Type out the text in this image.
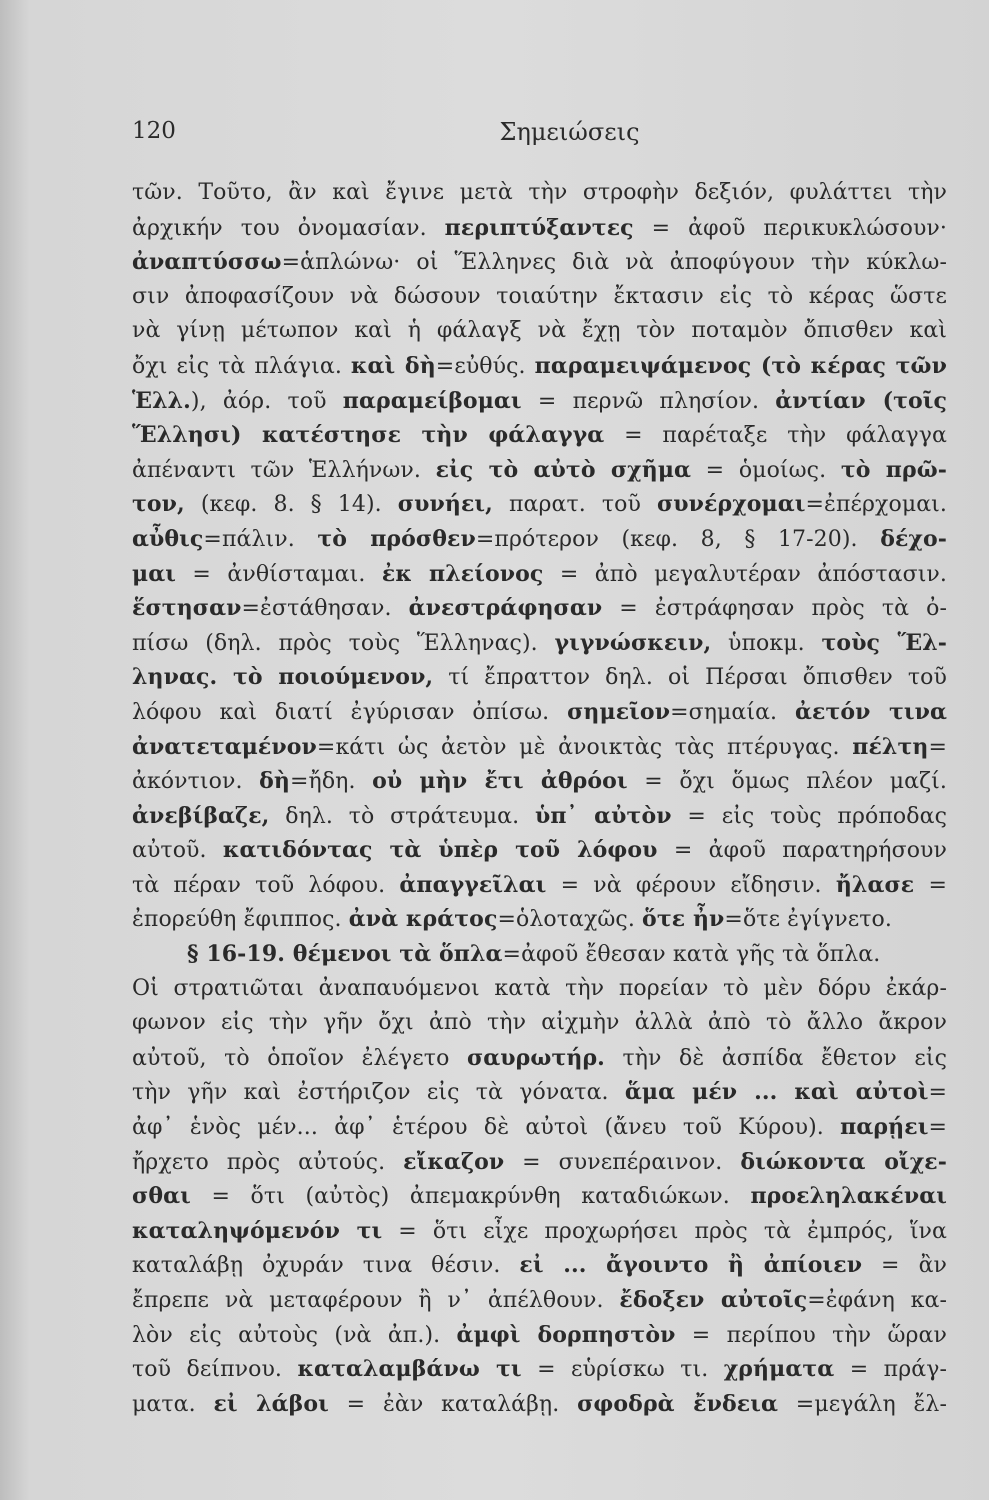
120	Σημειώσεις
τῶν. Τοῦτο, ἂν καὶ ἔγινε μετὰ τὴν στροφὴν δεξιόν, φυλάττει τὴν
ἀρχικήν του ὀνομασίαν. περιπτύξαντες = ἀφοῦ περικυκλώσουν·
ἀναπτύσσω=ἁπλώνω· οἱ Ἕλληνες διὰ νὰ ἀποφύγουν τὴν κύκλω-
σιν ἀποφασίζουν νὰ δώσουν τοιαύτην ἔκτασιν εἰς τὸ κέρας ὥστε
νὰ γίνῃ μέτωπον καὶ ἡ φάλαγξ νὰ ἔχῃ τὸν ποταμὸν ὄπισθεν καὶ
ὄχι εἰς τὰ πλάγια. καὶ δὴ=εὐθύς. παραμειψάμενος (τὸ κέρας τῶν
Ἑλλ.), ἀόρ. τοῦ παραμείβομαι = περνῶ πλησίον. ἀντίαν (τοῖς
Ἕλλησι) κατέστησε τὴν φάλαγγα = παρέταξε τὴν φάλαγγα
ἀπέναντι τῶν Ἑλλήνων. εἰς τὸ αὐτὸ σχῆμα = ὁμοίως. τὸ πρῶ-
τον, (κεφ. 8. § 14). συνήει, παρατ. τοῦ συνέρχομαι=ἐπέρχομαι.
αὖθις=πάλιν. τὸ πρόσθεν=πρότερον (κεφ. 8, § 17-20). δέχο-
μαι = ἀνθίσταμαι. ἐκ πλείονος = ἀπὸ μεγαλυτέραν ἀπόστασιν.
ἕστησαν=ἐστάθησαν. ἀνεστράφησαν = ἐστράφησαν πρὸς τὰ ὀ-
πίσω (δηλ. πρὸς τοὺς Ἕλληνας). γιγνώσκειν, ὑποκμ. τοὺς Ἕλ-
ληνας. τὸ ποιούμενον, τί ἔπραττον δηλ. οἱ Πέρσαι ὄπισθεν τοῦ
λόφου καὶ διατί ἐγύρισαν ὀπίσω. σημεῖον=σημαία. ἀετόν τινα
ἀνατεταμένον=κάτι ὡς ἀετὸν μὲ ἀνοικτὰς τὰς πτέρυγας. πέλτη=
ἀκόντιον. δὴ=ἤδη. οὐ μὴν ἔτι ἀθρόοι = ὄχι ὅμως πλέον μαζί.
ἀνεβίβαζε, δηλ. τὸ στράτευμα. ὑπ᾿ αὐτὸν = εἰς τοὺς πρόποδας
αὐτοῦ. κατιδόντας τὰ ὑπὲρ τοῦ λόφου = ἀφοῦ παρατηρήσουν
τὰ πέραν τοῦ λόφου. ἀπαγγεῖλαι = νὰ φέρουν εἴδησιν. ἤλασε =
ἐπορεύθη ἔφιππος. ἀνὰ κράτος=ὁλοταχῶς. ὅτε ἦν=ὅτε ἐγίγνετο.
§ 16-19. θέμενοι τὰ ὅπλα=ἀφοῦ ἔθεσαν κατὰ γῆς τὰ ὅπλα.
Οἱ στρατιῶται ἀναπαυόμενοι κατὰ τὴν πορείαν τὸ μὲν δόρυ ἐκάρ-
φωνον εἰς τὴν γῆν ὄχι ἀπὸ τὴν αἰχμὴν ἀλλὰ ἀπὸ τὸ ἄλλο ἄκρον
αὐτοῦ, τὸ ὁποῖον ἐλέγετο σαυρωτήρ. τὴν δὲ ἀσπίδα ἔθετον εἰς
τὴν γῆν καὶ ἐστήριζον εἰς τὰ γόνατα. ἅμα μέν ... καὶ αὐτοὶ=
ἀφ᾿ ἑνὸς μέν... ἀφ᾿ ἑτέρου δὲ αὐτοὶ (ἄνευ τοῦ Κύρου). παρῄει=
ἤρχετο πρὸς αὐτούς. εἴκαζον = συνεπέραινον. διώκοντα οἴχε-
σθαι = ὅτι (αὐτὸς) ἀπεμακρύνθη καταδιώκων. προεληλακέναι
καταληψόμενόν τι = ὅτι εἶχε προχωρήσει πρὸς τὰ ἐμπρός, ἵνα
καταλάβῃ ὀχυράν τινα θέσιν. εἰ ... ἄγοιντο ἢ ἀπίοιεν = ἂν
ἔπρεπε νὰ μεταφέρουν ἢ ν᾿ ἀπέλθουν. ἔδοξεν αὐτοῖς=ἐφάνη κα-
λὸν εἰς αὐτοὺς (νὰ ἀπ.). ἀμφὶ δορπηστὸν = περίπου τὴν ὥραν
τοῦ δείπνου. καταλαμβάνω τι = εὑρίσκω τι. χρήματα = πράγ-
ματα. εἰ λάβοι = ἐὰν καταλάβῃ. σφοδρὰ ἔνδεια =μεγάλη ἔλ-
